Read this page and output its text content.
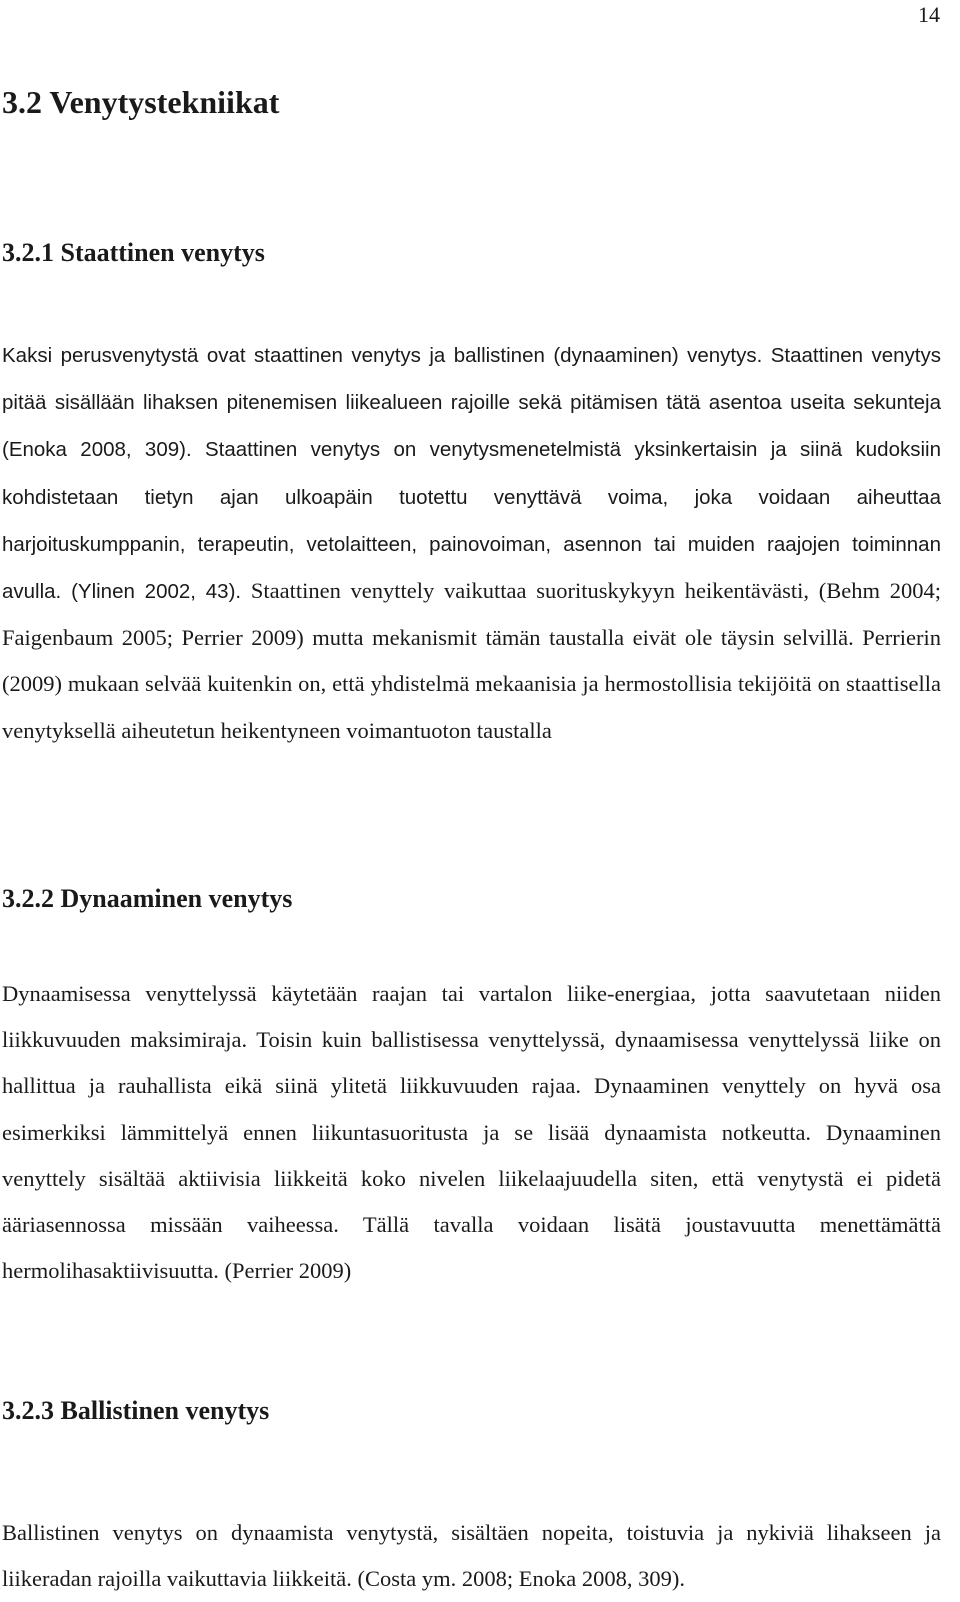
14
3.2 Venytystekniikat
3.2.1 Staattinen venytys

Kaksi perusvenytystä ovat staattinen venytys ja ballistinen (dynaaminen) venytys. Staattinen venytys pitää sisällään lihaksen pitenemisen liikealueen rajoille sekä pitämisen tätä asentoa useita sekunteja (Enoka 2008, 309). Staattinen venytys on venytysmenetelmistä yksinkertaisin ja siinä kudoksiin kohdistetaan tietyn ajan ulkoapäin tuotettu venyttävä voima, joka voidaan aiheuttaa harjoituskumppanin, terapeutin, vetolaitteen, painovoiman, asennon tai muiden raajojen toiminnan avulla. (Ylinen 2002, 43). Staattinen venyttely vaikuttaa suorituskykyyn heikentävästi, (Behm 2004; Faigenbaum 2005; Perrier 2009) mutta mekanismit tämän taustalla eivät ole täysin selvillä. Perrierin (2009) mukaan selvää kuitenkin on, että yhdistelmä mekaanisia ja hermostollisia tekijöitä on staattisella venytyksellä aiheutetun heikentyneen voimantuoton taustalla

3.2.2 Dynaaminen venytys

Dynaamisessa venyttelyssä käytetään raajan tai vartalon liike-energiaa, jotta saavutetaan niiden liikkuvuuden maksimiraja. Toisin kuin ballistisessa venyttelyssä, dynaamisessa venyttelyssä liike on hallittua ja rauhallista eikä siinä ylitetä liikkuvuuden rajaa. Dynaaminen venyttely on hyvä osa esimerkiksi lämmittelyä ennen liikuntasuoritusta ja se lisää dynaamista notkeutta. Dynaaminen venyttely sisältää aktiivisia liikkeitä koko nivelen liikelaajuudella siten, että venytystä ei pidetä ääriasennossa missään vaiheessa. Tällä tavalla voidaan lisätä joustavuutta menettämättä hermolihasaktiivisuutta. (Perrier 2009)

3.2.3 Ballistinen venytys

Ballistinen venytys on dynaamista venytystä, sisältäen nopeita, toistuvia ja nykiviä lihakseen ja liikeradan rajoilla vaikuttavia liikkeitä. (Costa ym. 2008; Enoka 2008, 309).
